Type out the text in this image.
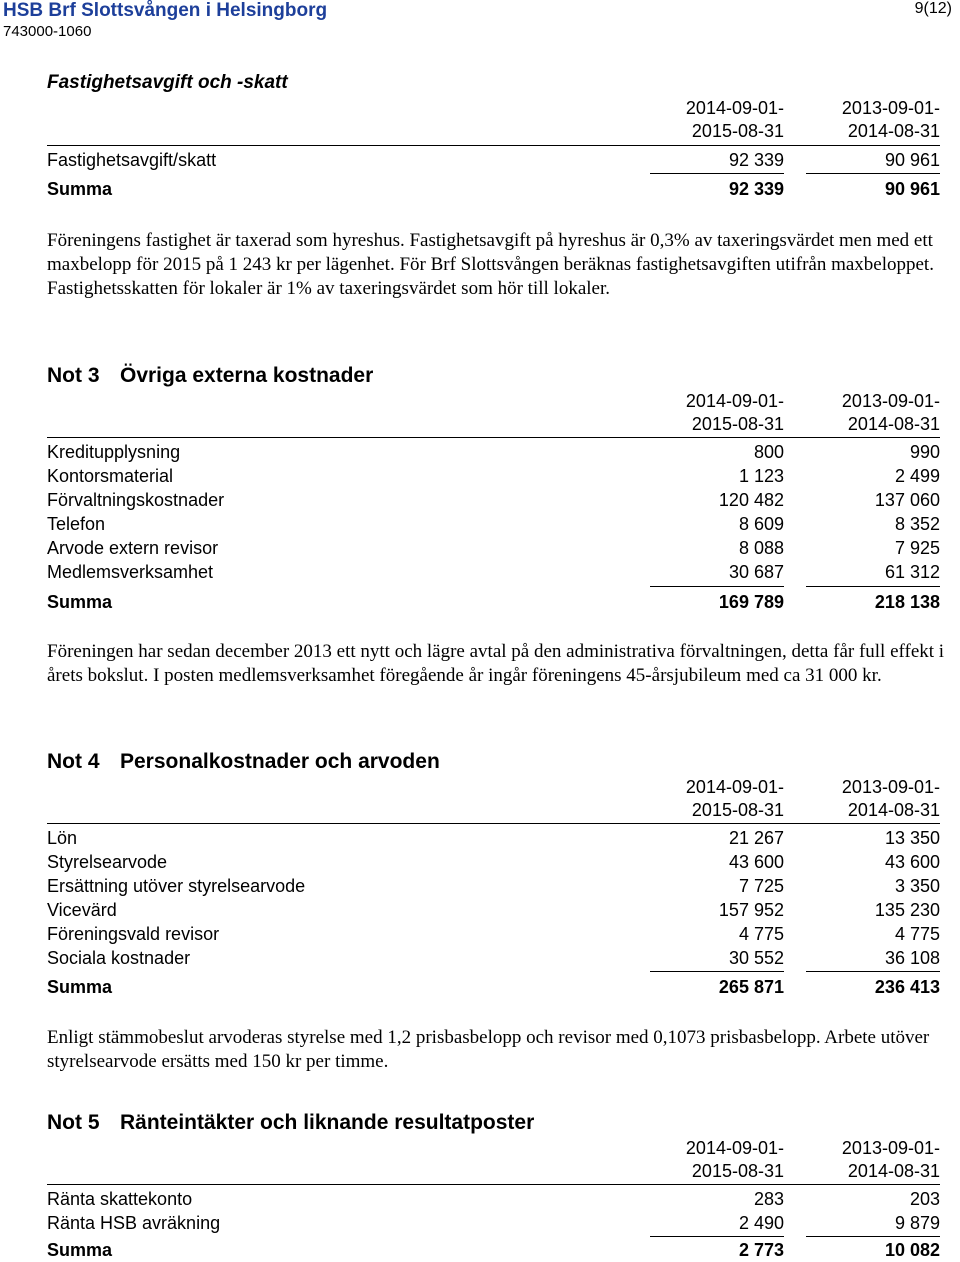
HSB Brf Slottsvången i Helsingborg
743000-1060
9(12)
Fastighetsavgift och -skatt
2014-09-01-
2015-08-31
2013-09-01-
2014-08-31
Fastighetsavgift/skatt	92 339	90 961
Summa	92 339	90 961
Föreningens fastighet är taxerad som hyreshus. Fastighetsavgift på hyreshus är 0,3% av taxeringsvärdet men med ett maxbelopp för 2015 på 1 243 kr per lägenhet. För Brf Slottsvången beräknas fastighetsavgiften utifrån maxbeloppet. Fastighetsskatten för lokaler är 1% av taxeringsvärdet som hör till lokaler.
Not 3 Övriga externa kostnader
2014-09-01-
2015-08-31
2013-09-01-
2014-08-31
Kreditupplysning	800	990
Kontorsmaterial	1 123	2 499
Förvaltningskostnader	120 482	137 060
Telefon	8 609	8 352
Arvode extern revisor	8 088	7 925
Medlemsverksamhet	30 687	61 312
Summa	169 789	218 138
Föreningen har sedan december 2013 ett nytt och lägre avtal på den administrativa förvaltningen, detta får full effekt i årets bokslut. I posten medlemsverksamhet föregående år ingår föreningens 45-årsjubileum med ca 31 000 kr.
Not 4 Personalkostnader och arvoden
2014-09-01-
2015-08-31
2013-09-01-
2014-08-31
Lön	21 267	13 350
Styrelsearvode	43 600	43 600
Ersättning utöver styrelsearvode	7 725	3 350
Vicevärd	157 952	135 230
Föreningsvald revisor	4 775	4 775
Sociala kostnader	30 552	36 108
Summa	265 871	236 413
Enligt stämmobeslut arvoderas styrelse med 1,2 prisbasbelopp och revisor med 0,1073 prisbasbelopp. Arbete utöver styrelsearvode ersätts med 150 kr per timme.
Not 5 Ränteintäkter och liknande resultatposter
2014-09-01-
2015-08-31
2013-09-01-
2014-08-31
Ränta skattekonto	283	203
Ränta HSB avräkning	2 490	9 879
Summa	2 773	10 082
